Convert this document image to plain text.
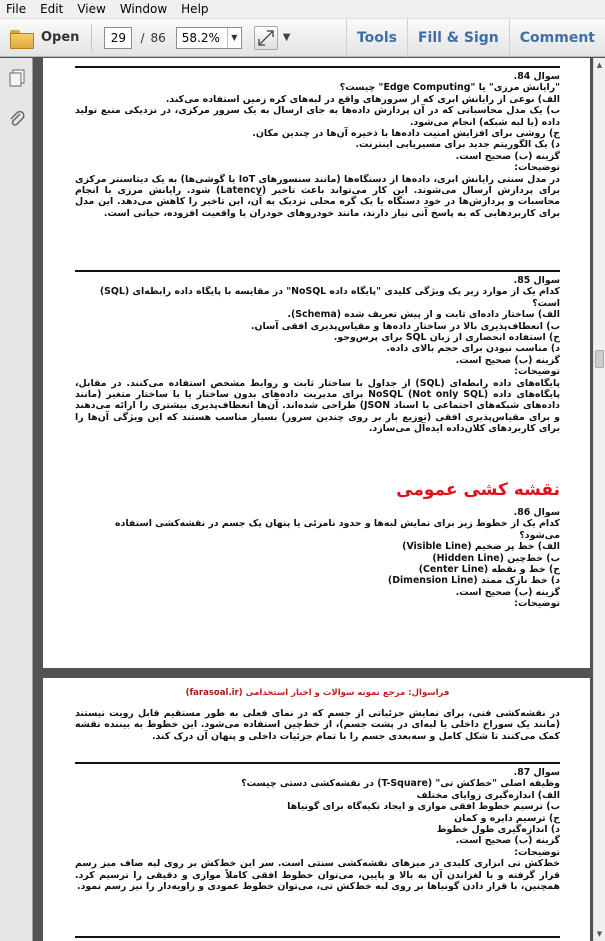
File	Edit	View	Window	Help
Open
29	/ 86	58.2%	▼	▼	Tools	Fill & Sign	Comment

سوال 84.

"رایانش مرزی" یا "Edge Computing" چیست؟

الف) نوعی از رایانش ابری که از سرورهای واقع در لبه‌های کره زمین استفاده می‌کند.

ب) یک مدل محاسباتی که در آن پردازش داده‌ها به جای ارسال به یک سرور مرکزی، در نزدیکی منبع تولید داده (یا لبه شبکه) انجام می‌شود.

ج) روشی برای افزایش امنیت داده‌ها با ذخیره آن‌ها در چندین مکان.

د) یک الگوریتم جدید برای مسیریابی اینترنت.

گزینه (ب) صحیح است.

توضیحات:

در مدل سنتی رایانش ابری، داده‌ها از دستگاه‌ها (مانند سنسورهای IoT یا گوشی‌ها) به یک دیتاسنتر مرکزی برای پردازش ارسال می‌شوند. این کار می‌تواند باعث تاخیر (Latency) شود. رایانش مرزی با انجام محاسبات و پردازش‌ها در خود دستگاه یا یک گره محلی نزدیک به آن، این تاخیر را کاهش می‌دهد. این مدل برای کاربردهایی که به پاسخ آنی نیاز دارند، مانند خودروهای خودران یا واقعیت افزوده، حیاتی است.

سوال 85.

کدام یک از موارد زیر یک ویژگی کلیدی "پایگاه داده NoSQL" در مقایسه با پایگاه داده رابطه‌ای (SQL) است؟

الف) ساختار داده‌ای ثابت و از پیش تعریف شده (Schema).

ب) انعطاف‌پذیری بالا در ساختار داده‌ها و مقیاس‌پذیری افقی آسان.

ج) استفاده انحصاری از زبان SQL برای پرس‌وجو.

د) مناسب نبودن برای حجم بالای داده.

گزینه (ب) صحیح است.

توضیحات:

پایگاه‌های داده رابطه‌ای (SQL) از جداول با ساختار ثابت و روابط مشخص استفاده می‌کنند. در مقابل، پایگاه‌های داده NoSQL (Not only SQL) برای مدیریت داده‌های بدون ساختار یا با ساختار متغیر (مانند داده‌های شبکه‌های اجتماعی یا اسناد JSON) طراحی شده‌اند. آن‌ها انعطاف‌پذیری بیشتری را ارائه می‌دهند و برای مقیاس‌پذیری افقی (توزیع بار بر روی چندین سرور) بسیار مناسب هستند که این ویژگی آن‌ها را برای کاربردهای کلان‌داده ایده‌آل می‌سازد.

نقشه کشی عمومی

سوال 86.

کدام یک از خطوط زیر برای نمایش لبه‌ها و حدود نامرئی یا پنهان یک جسم در نقشه‌کشی استفاده می‌شود؟

الف) خط پر ضخیم (Visible Line)

ب) خط‌چین (Hidden Line)

ج) خط و نقطه (Center Line)

د) خط نازک ممتد (Dimension Line)

گزینه (ب) صحیح است.

توضیحات:

فراسوال: مرجع نمونه سوالات و اخبار استخدامی (farasoal.ir)

در نقشه‌کشی فنی، برای نمایش جزئیاتی از جسم که در نمای فعلی به طور مستقیم قابل رویت نیستند (مانند یک سوراخ داخلی یا لبه‌ای در پشت جسم)، از خط‌چین استفاده می‌شود. این خطوط به بیننده نقشه کمک می‌کنند تا شکل کامل و سه‌بعدی جسم را با تمام جزئیات داخلی و پنهان آن درک کند.

سوال 87.

وظیفه اصلی "خط‌کش تی" (T-Square) در نقشه‌کشی دستی چیست؟

الف) اندازه‌گیری زوایای مختلف

ب) ترسیم خطوط افقی موازی و ایجاد تکیه‌گاه برای گونیاها

ج) ترسیم دایره و کمان

د) اندازه‌گیری طول خطوط

گزینه (ب) صحیح است.

توضیحات:

خط‌کش تی ابزاری کلیدی در میزهای نقشه‌کشی سنتی است. سر این خط‌کش بر روی لبه صاف میز رسم قرار گرفته و با لغزاندن آن به بالا و پایین، می‌توان خطوط افقی کاملاً موازی و دقیقی را ترسیم کرد. همچنین، با قرار دادن گونیاها بر روی لبه خط‌کش تی، می‌توان خطوط عمودی و زاویه‌دار را نیز رسم نمود.

▲
▼
